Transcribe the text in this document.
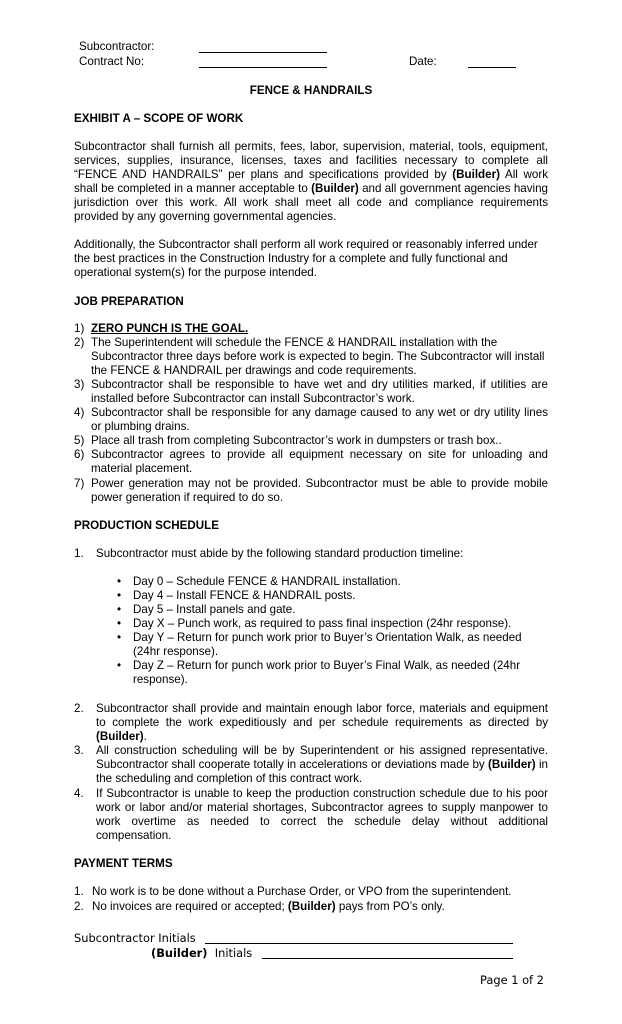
Subcontractor:
Contract No:	Date:
FENCE & HANDRAILS
EXHIBIT A – SCOPE OF WORK
Subcontractor shall furnish all permits, fees, labor, supervision, material, tools, equipment, services, supplies, insurance, licenses, taxes and facilities necessary to complete all “FENCE AND HANDRAILS” per plans and specifications provided by (Builder) All work shall be completed in a manner acceptable to (Builder) and all government agencies having jurisdiction over this work. All work shall meet all code and compliance requirements provided by any governing governmental agencies.
Additionally, the Subcontractor shall perform all work required or reasonably inferred under the best practices in the Construction Industry for a complete and fully functional and operational system(s) for the purpose intended.
JOB PREPARATION
1) ZERO PUNCH IS THE GOAL.
2) The Superintendent will schedule the FENCE & HANDRAIL installation with the Subcontractor three days before work is expected to begin. The Subcontractor will install the FENCE & HANDRAIL per drawings and code requirements.
3) Subcontractor shall be responsible to have wet and dry utilities marked, if utilities are installed before Subcontractor can install Subcontractor’s work.
4) Subcontractor shall be responsible for any damage caused to any wet or dry utility lines or plumbing drains.
5) Place all trash from completing Subcontractor’s work in dumpsters or trash box..
6) Subcontractor agrees to provide all equipment necessary on site for unloading and material placement.
7) Power generation may not be provided. Subcontractor must be able to provide mobile power generation if required to do so.
PRODUCTION SCHEDULE
1. Subcontractor must abide by the following standard production timeline:
• Day 0 – Schedule FENCE & HANDRAIL installation.
• Day 4 – Install FENCE & HANDRAIL posts.
• Day 5 – Install panels and gate.
• Day X – Punch work, as required to pass final inspection (24hr response).
• Day Y – Return for punch work prior to Buyer’s Orientation Walk, as needed (24hr response).
• Day Z – Return for punch work prior to Buyer’s Final Walk, as needed (24hr response).
2. Subcontractor shall provide and maintain enough labor force, materials and equipment to complete the work expeditiously and per schedule requirements as directed by (Builder).
3. All construction scheduling will be by Superintendent or his assigned representative. Subcontractor shall cooperate totally in accelerations or deviations made by (Builder) in the scheduling and completion of this contract work.
4. If Subcontractor is unable to keep the production construction schedule due to his poor work or labor and/or material shortages, Subcontractor agrees to supply manpower to work overtime as needed to correct the schedule delay without additional compensation.
PAYMENT TERMS
1. No work is to be done without a Purchase Order, or VPO from the superintendent.
2. No invoices are required or accepted; (Builder) pays from PO’s only.
Subcontractor Initials
(Builder) Initials
Page 1 of 2
